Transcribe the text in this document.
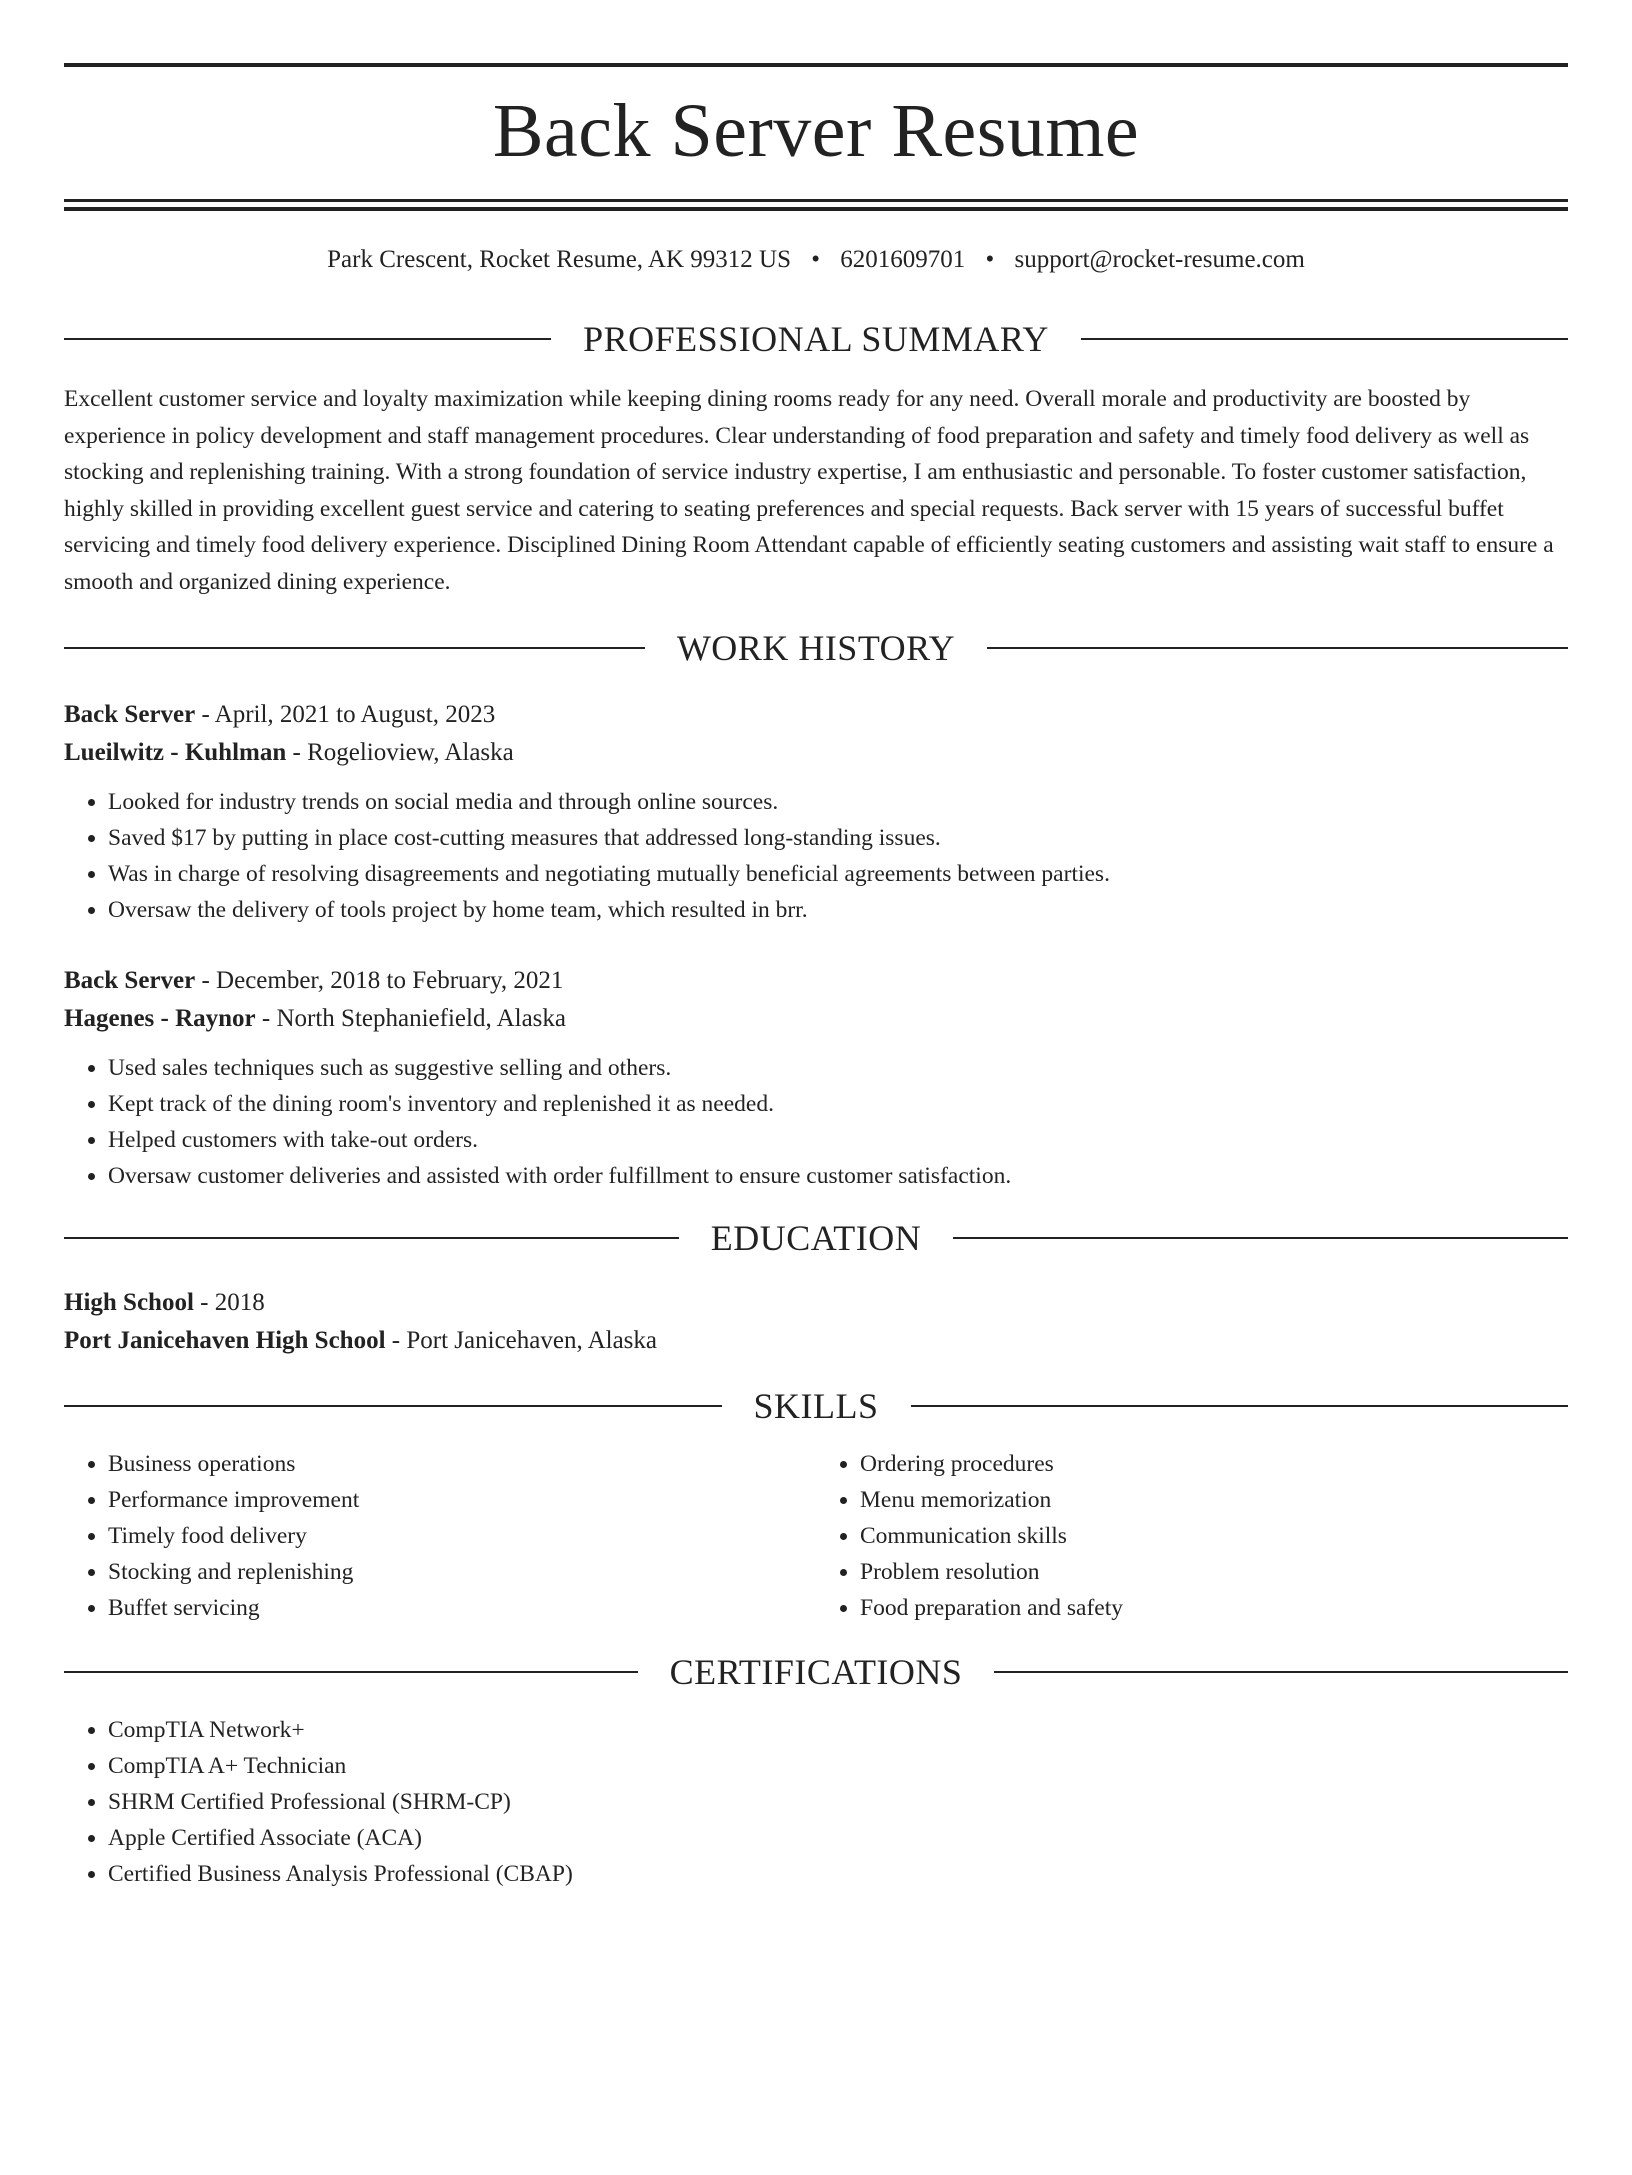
Back Server Resume
Park Crescent, Rocket Resume, AK 99312 US • 6201609701 • support@rocket-resume.com
PROFESSIONAL SUMMARY
Excellent customer service and loyalty maximization while keeping dining rooms ready for any need. Overall morale and productivity are boosted by experience in policy development and staff management procedures. Clear understanding of food preparation and safety and timely food delivery as well as stocking and replenishing training. With a strong foundation of service industry expertise, I am enthusiastic and personable. To foster customer satisfaction, highly skilled in providing excellent guest service and catering to seating preferences and special requests. Back server with 15 years of successful buffet servicing and timely food delivery experience. Disciplined Dining Room Attendant capable of efficiently seating customers and assisting wait staff to ensure a smooth and organized dining experience.
WORK HISTORY
Back Server - April, 2021 to August, 2023
Lueilwitz - Kuhlman - Rogelioview, Alaska
• Looked for industry trends on social media and through online sources.
• Saved $17 by putting in place cost-cutting measures that addressed long-standing issues.
• Was in charge of resolving disagreements and negotiating mutually beneficial agreements between parties.
• Oversaw the delivery of tools project by home team, which resulted in brr.
Back Server - December, 2018 to February, 2021
Hagenes - Raynor - North Stephaniefield, Alaska
• Used sales techniques such as suggestive selling and others.
• Kept track of the dining room's inventory and replenished it as needed.
• Helped customers with take-out orders.
• Oversaw customer deliveries and assisted with order fulfillment to ensure customer satisfaction.
EDUCATION
High School - 2018
Port Janicehaven High School - Port Janicehaven, Alaska
SKILLS
• Business operations
• Performance improvement
• Timely food delivery
• Stocking and replenishing
• Buffet servicing
• Ordering procedures
• Menu memorization
• Communication skills
• Problem resolution
• Food preparation and safety
CERTIFICATIONS
• CompTIA Network+
• CompTIA A+ Technician
• SHRM Certified Professional (SHRM-CP)
• Apple Certified Associate (ACA)
• Certified Business Analysis Professional (CBAP)
